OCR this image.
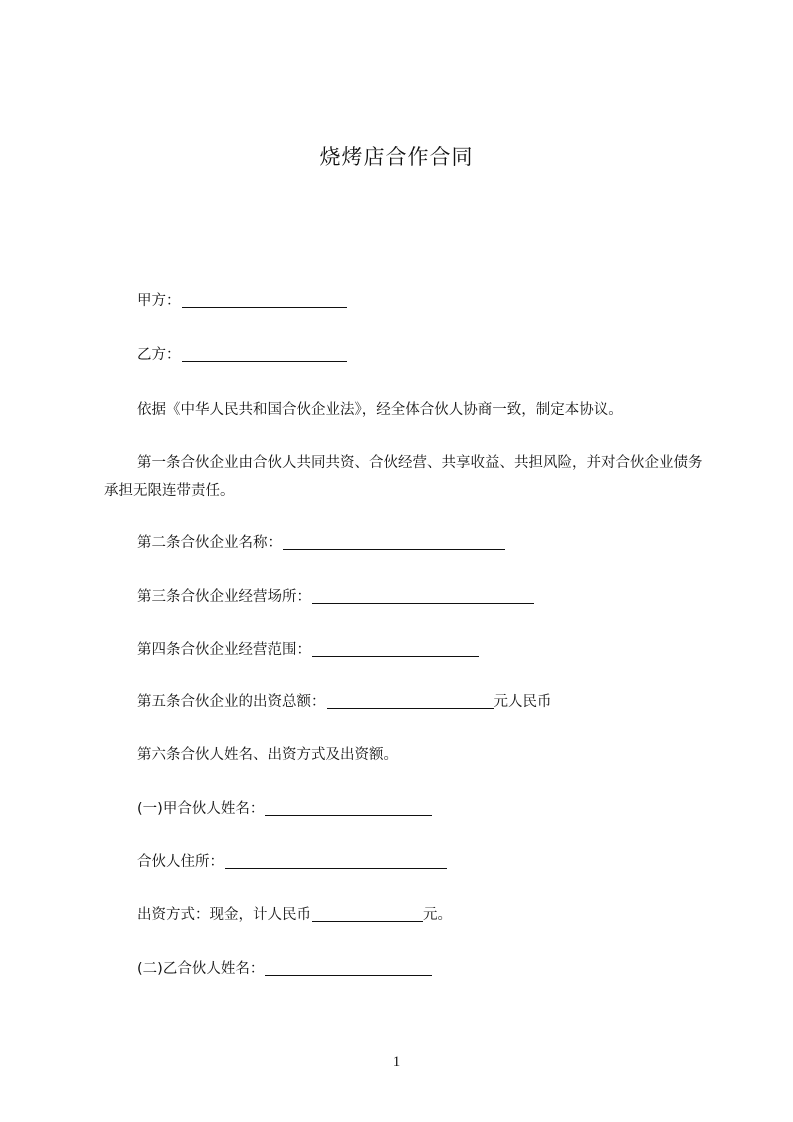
烧烤店合作合同
甲方：
乙方：
依据《中华人民共和国合伙企业法》，经全体合伙人协商一致，制定本协议。
第一条合伙企业由合伙人共同共资、合伙经营、共享收益、共担风险，并对合伙企业债务承担无限连带责任。
第二条合伙企业名称：
第三条合伙企业经营场所：
第四条合伙企业经营范围：
第五条合伙企业的出资总额：	元人民币
第六条合伙人姓名、出资方式及出资额。
(一)甲合伙人姓名：
合伙人住所：
出资方式：现金，计人民币	元。
(二)乙合伙人姓名：
1
